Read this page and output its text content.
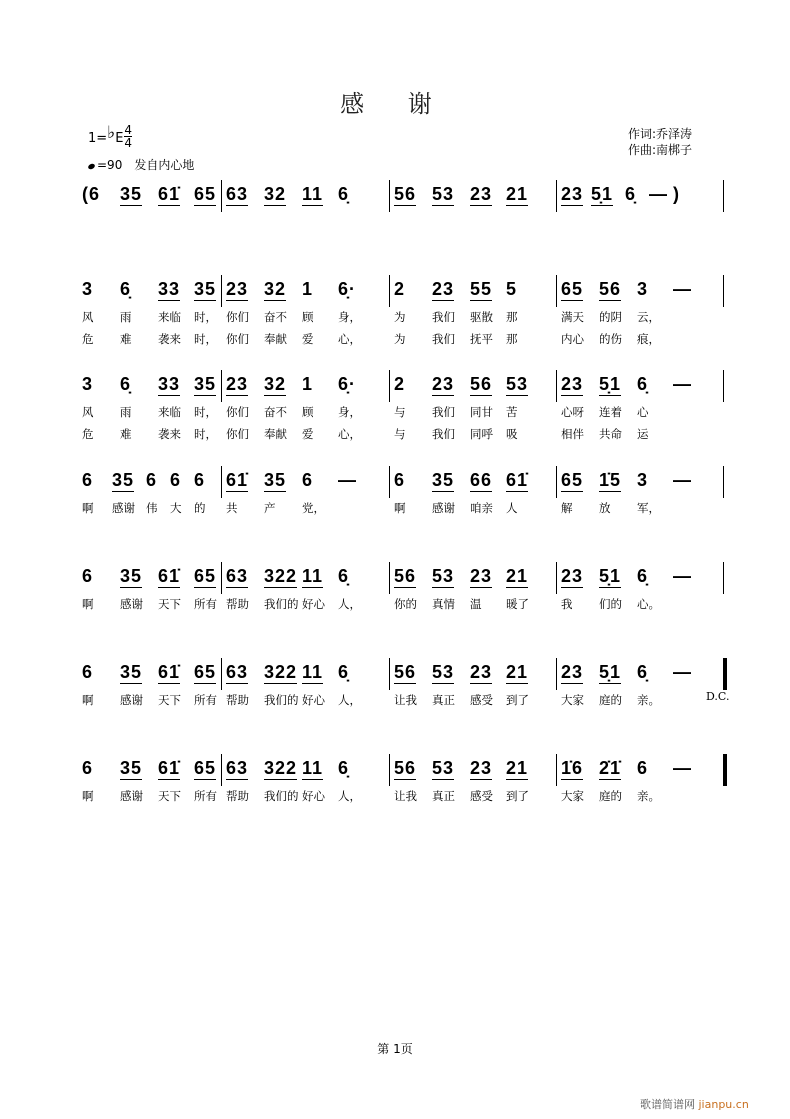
感 谢
1=♭E $\frac{4}{4}$
=90 发自内心地
作词:乔泽涛
作曲:南梆子
(6 35 61̇ 65 63 32 11 6̣ 56 53 23 21 23 5̣1 6̣ — )
3 6̣ 33 35 23 32 1 6̣· 2 23 55 5 65 56 3 —
风 雨 来临 时， 你们 奋不 顾 身，	为 我们 驱散 那	满天 的阴 云，
危 难 袭来 时， 你们 奉献 爱 心，	为 我们 抚平 那	内心 的伤 痕，
3 6̣ 33 35 23 32 1 6̣· 2 23 56 53 23 5̣1 6̣ —
风 雨 来临 时， 你们 奋不 顾 身，	与 我们 同甘 苦	心呀 连着 心
危 难 袭来 时， 你们 奉献 爱 心，	与 我们 同呼 吸	相伴 共命 运
6 35 6 6 6 61̇ 35 6 — 6 35 66 61̇ 65 1̇5 3 —
啊 感谢 伟 大 的 共 产 党，	啊 感谢 咱亲 人	解 放 军，
6 35 61̇ 65 63 322 11 6̣ 56 53 23 21 23 5̣1 6̣ —
啊 感谢 天下 所有 帮助 我们的 好心 人，	你的 真情 温 暖了	我 们的 心。
6 35 61̇ 65 63 322 11 6̣ 56 53 23 21 23 5̣1 6̣ —
啊 感谢 天下 所有 帮助 我们的 好心 人，	让我 真正 感受 到了	大家 庭的 亲。	D.C.
6 35 61̇ 65 63 322 11 6̣ 56 53 23 21 1̇6 2̇1̇ 6 —
啊 感谢 天下 所有 帮助 我们的 好心 人，	让我 真正 感受 到了	大家 庭的 亲。
第 1页
歌谱简谱网 jianpu.cn
